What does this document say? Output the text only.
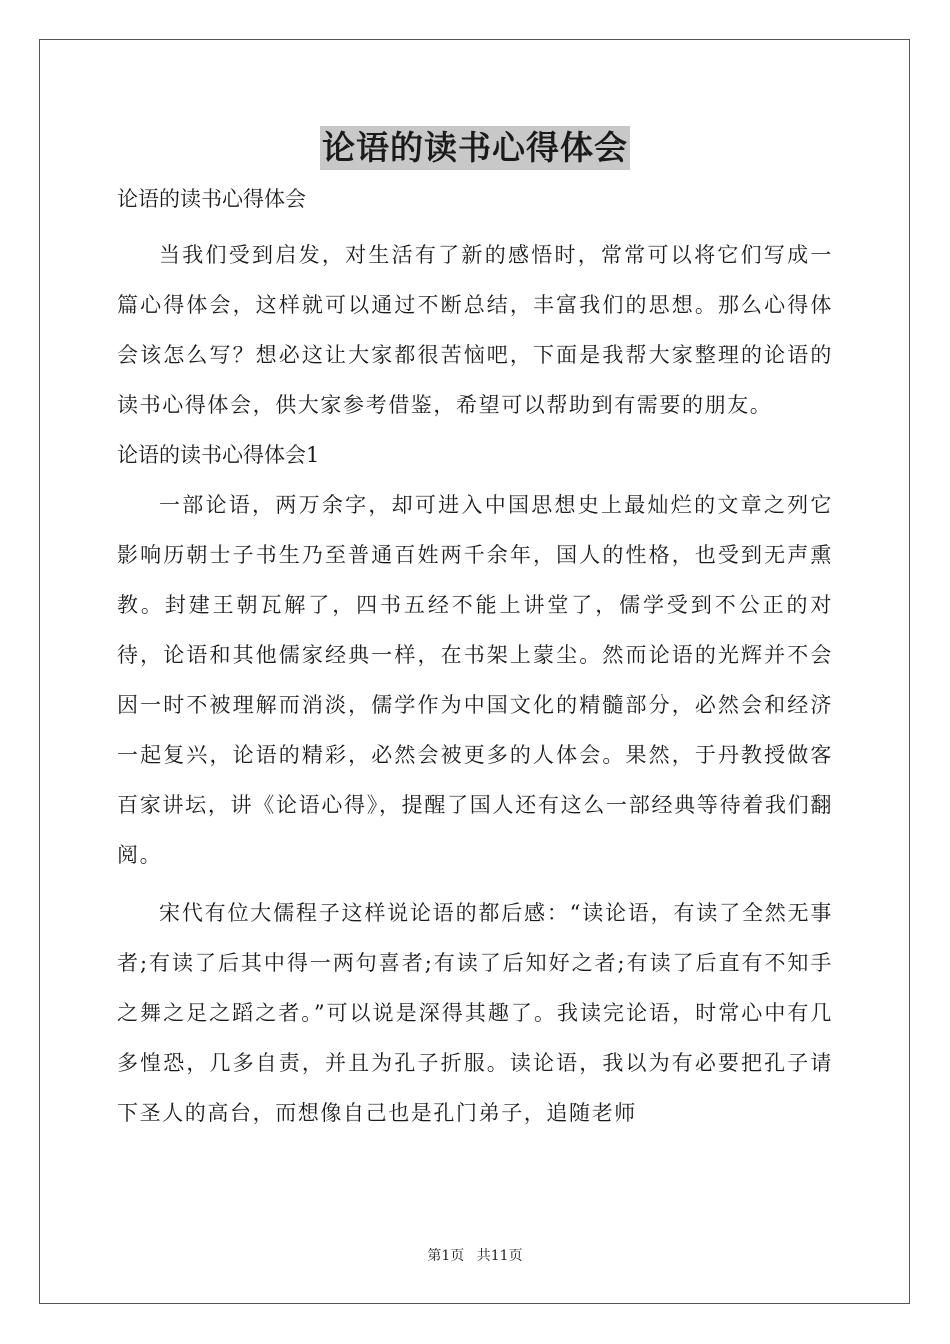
论语的读书心得体会

论语的读书心得体会

当我们受到启发，对生活有了新的感悟时，常常可以将它们写成一篇心得体会，这样就可以通过不断总结，丰富我们的思想。那么心得体会该怎么写？想必这让大家都很苦恼吧，下面是我帮大家整理的论语的读书心得体会，供大家参考借鉴，希望可以帮助到有需要的朋友。

论语的读书心得体会1

一部论语，两万余字，却可进入中国思想史上最灿烂的文章之列它影响历朝士子书生乃至普通百姓两千余年，国人的性格，也受到无声熏教。封建王朝瓦解了，四书五经不能上讲堂了，儒学受到不公正的对待，论语和其他儒家经典一样，在书架上蒙尘。然而论语的光辉并不会因一时不被理解而消淡，儒学作为中国文化的精髓部分，必然会和经济一起复兴，论语的精彩，必然会被更多的人体会。果然，于丹教授做客百家讲坛，讲《论语心得》，提醒了国人还有这么一部经典等待着我们翻阅。

宋代有位大儒程子这样说论语的都后感：“读论语，有读了全然无事者;有读了后其中得一两句喜者;有读了后知好之者;有读了后直有不知手之舞之足之蹈之者。”可以说是深得其趣了。我读完论语，时常心中有几多惶恐，几多自责，并且为孔子折服。读论语，我以为有必要把孔子请下圣人的高台，而想像自己也是孔门弟子，追随老师

第1页 共11页
